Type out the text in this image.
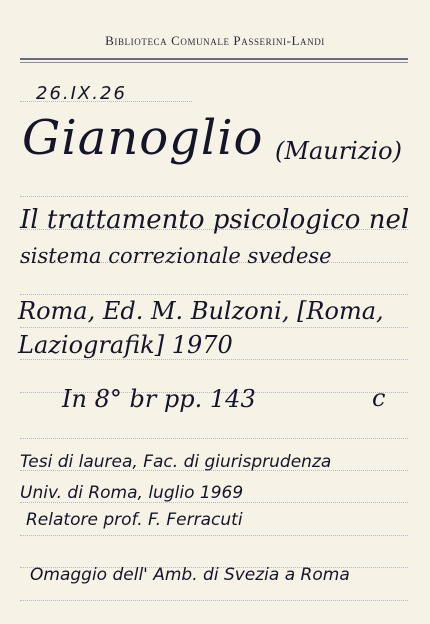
Biblioteca Comunale Passerini-Landi
26.IX.26
Gianoglio (Maurizio)
Il trattamento psicologico nel
sistema correzionale svedese
Roma, Ed. M. Bulzoni, [Roma,
Laziografik] 1970
In 8° br pp. 143	c
Tesi di laurea, Fac. di giurisprudenza
Univ. di Roma, luglio 1969
Relatore prof. F. Ferracuti
Omaggio dell' Amb. di Svezia a Roma
